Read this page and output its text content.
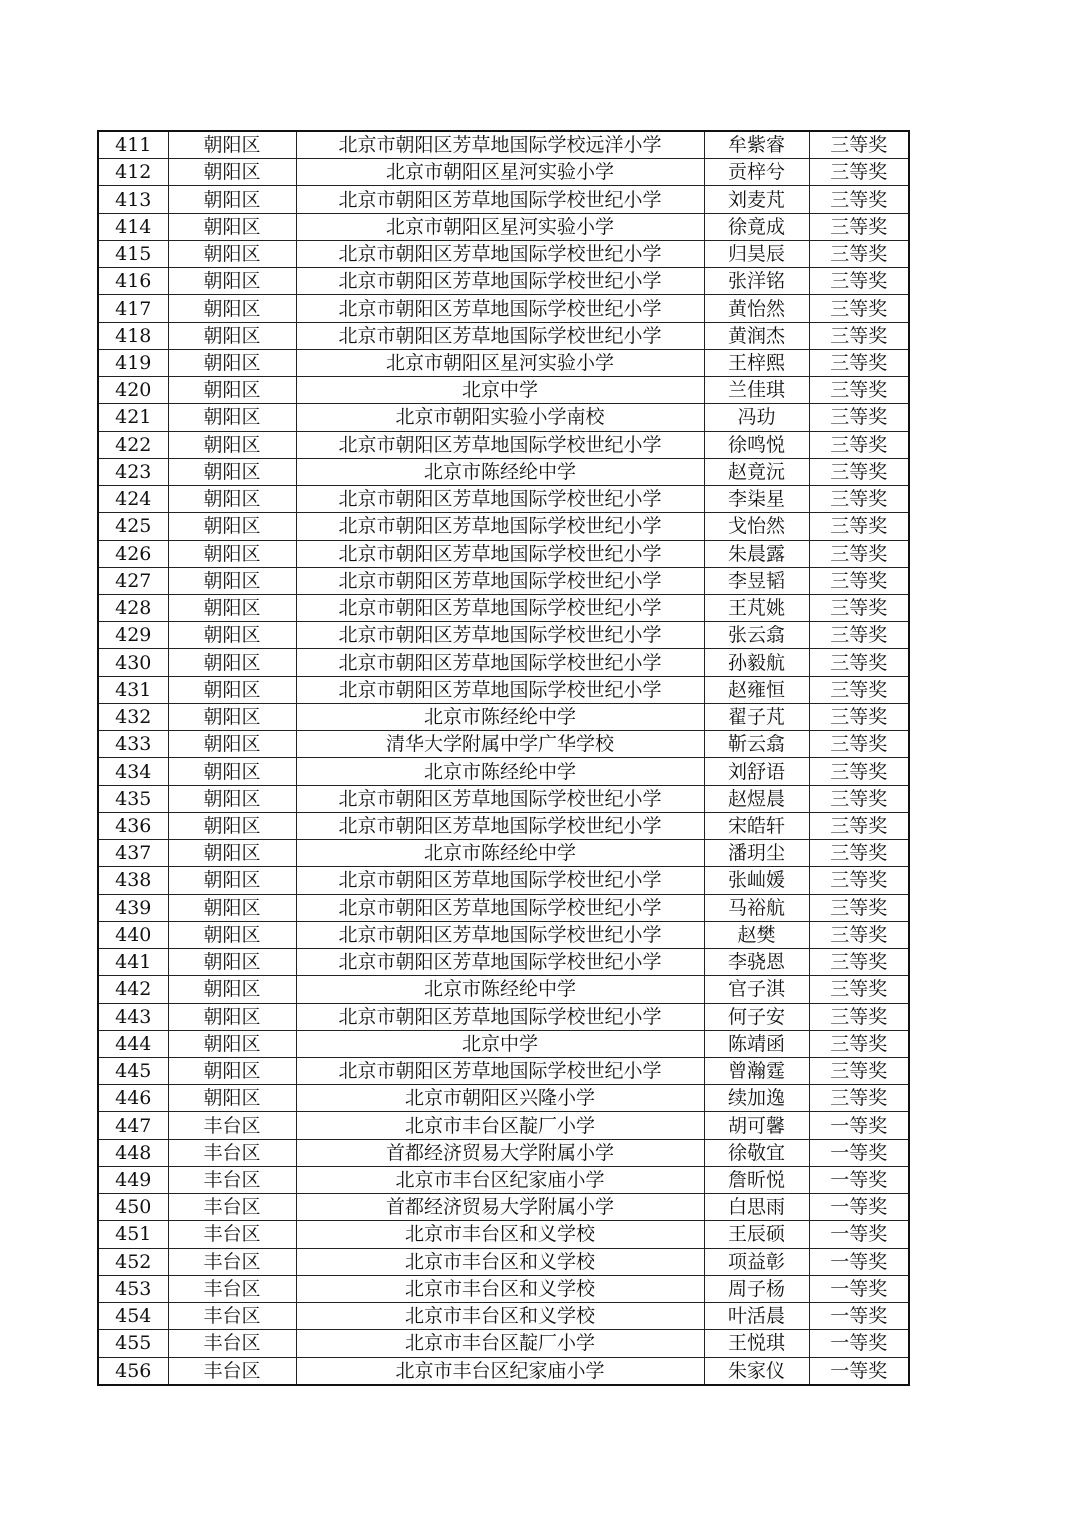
411	朝阳区	北京市朝阳区芳草地国际学校远洋小学	牟紫睿	三等奖
412	朝阳区	北京市朝阳区星河实验小学	贡梓兮	三等奖
413	朝阳区	北京市朝阳区芳草地国际学校世纪小学	刘麦芃	三等奖
414	朝阳区	北京市朝阳区星河实验小学	徐竟成	三等奖
415	朝阳区	北京市朝阳区芳草地国际学校世纪小学	归昊辰	三等奖
416	朝阳区	北京市朝阳区芳草地国际学校世纪小学	张洋铭	三等奖
417	朝阳区	北京市朝阳区芳草地国际学校世纪小学	黄怡然	三等奖
418	朝阳区	北京市朝阳区芳草地国际学校世纪小学	黄润杰	三等奖
419	朝阳区	北京市朝阳区星河实验小学	王梓熙	三等奖
420	朝阳区	北京中学	兰佳琪	三等奖
421	朝阳区	北京市朝阳实验小学南校	冯玏	三等奖
422	朝阳区	北京市朝阳区芳草地国际学校世纪小学	徐鸣悦	三等奖
423	朝阳区	北京市陈经纶中学	赵竟沅	三等奖
424	朝阳区	北京市朝阳区芳草地国际学校世纪小学	李柒星	三等奖
425	朝阳区	北京市朝阳区芳草地国际学校世纪小学	戈怡然	三等奖
426	朝阳区	北京市朝阳区芳草地国际学校世纪小学	朱晨露	三等奖
427	朝阳区	北京市朝阳区芳草地国际学校世纪小学	李昱韬	三等奖
428	朝阳区	北京市朝阳区芳草地国际学校世纪小学	王芃姚	三等奖
429	朝阳区	北京市朝阳区芳草地国际学校世纪小学	张云翕	三等奖
430	朝阳区	北京市朝阳区芳草地国际学校世纪小学	孙毅航	三等奖
431	朝阳区	北京市朝阳区芳草地国际学校世纪小学	赵雍恒	三等奖
432	朝阳区	北京市陈经纶中学	翟子芃	三等奖
433	朝阳区	清华大学附属中学广华学校	靳云翕	三等奖
434	朝阳区	北京市陈经纶中学	刘舒语	三等奖
435	朝阳区	北京市朝阳区芳草地国际学校世纪小学	赵煜晨	三等奖
436	朝阳区	北京市朝阳区芳草地国际学校世纪小学	宋皓轩	三等奖
437	朝阳区	北京市陈经纶中学	潘玥尘	三等奖
438	朝阳区	北京市朝阳区芳草地国际学校世纪小学	张屾媛	三等奖
439	朝阳区	北京市朝阳区芳草地国际学校世纪小学	马裕航	三等奖
440	朝阳区	北京市朝阳区芳草地国际学校世纪小学	赵樊	三等奖
441	朝阳区	北京市朝阳区芳草地国际学校世纪小学	李骁恩	三等奖
442	朝阳区	北京市陈经纶中学	官子淇	三等奖
443	朝阳区	北京市朝阳区芳草地国际学校世纪小学	何子安	三等奖
444	朝阳区	北京中学	陈靖函	三等奖
445	朝阳区	北京市朝阳区芳草地国际学校世纪小学	曾瀚霆	三等奖
446	朝阳区	北京市朝阳区兴隆小学	续加逸	三等奖
447	丰台区	北京市丰台区靛厂小学	胡可馨	一等奖
448	丰台区	首都经济贸易大学附属小学	徐敬宜	一等奖
449	丰台区	北京市丰台区纪家庙小学	詹昕悦	一等奖
450	丰台区	首都经济贸易大学附属小学	白思雨	一等奖
451	丰台区	北京市丰台区和义学校	王辰硕	一等奖
452	丰台区	北京市丰台区和义学校	项益彰	一等奖
453	丰台区	北京市丰台区和义学校	周子杨	一等奖
454	丰台区	北京市丰台区和义学校	叶活晨	一等奖
455	丰台区	北京市丰台区靛厂小学	王悦琪	一等奖
456	丰台区	北京市丰台区纪家庙小学	朱家仪	一等奖
